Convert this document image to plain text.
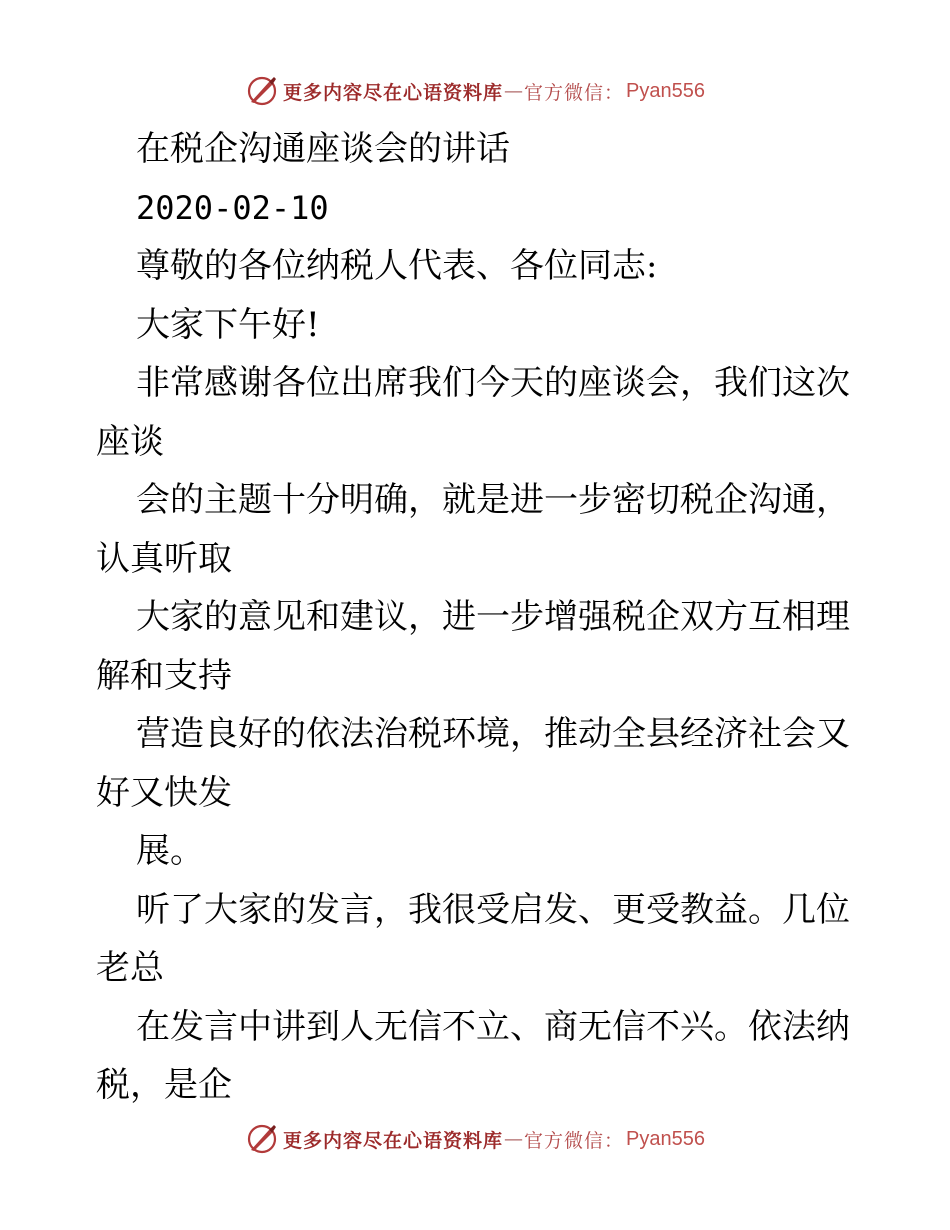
更多内容尽在心语资料库 — 官方微信： Pyan556
在税企沟通座谈会的讲话
2020-02-10
尊敬的各位纳税人代表、各位同志:
大家下午好!
非常感谢各位出席我们今天的座谈会，我们这次
座谈
会的主题十分明确，就是进一步密切税企沟通，
认真听取
大家的意见和建议，进一步增强税企双方互相理
解和支持
营造良好的依法治税环境，推动全县经济社会又
好又快发
展。
听了大家的发言，我很受启发、更受教益。几位
老总
在发言中讲到人无信不立、商无信不兴。依法纳
税，是企
更多内容尽在心语资料库 — 官方微信： Pyan556
